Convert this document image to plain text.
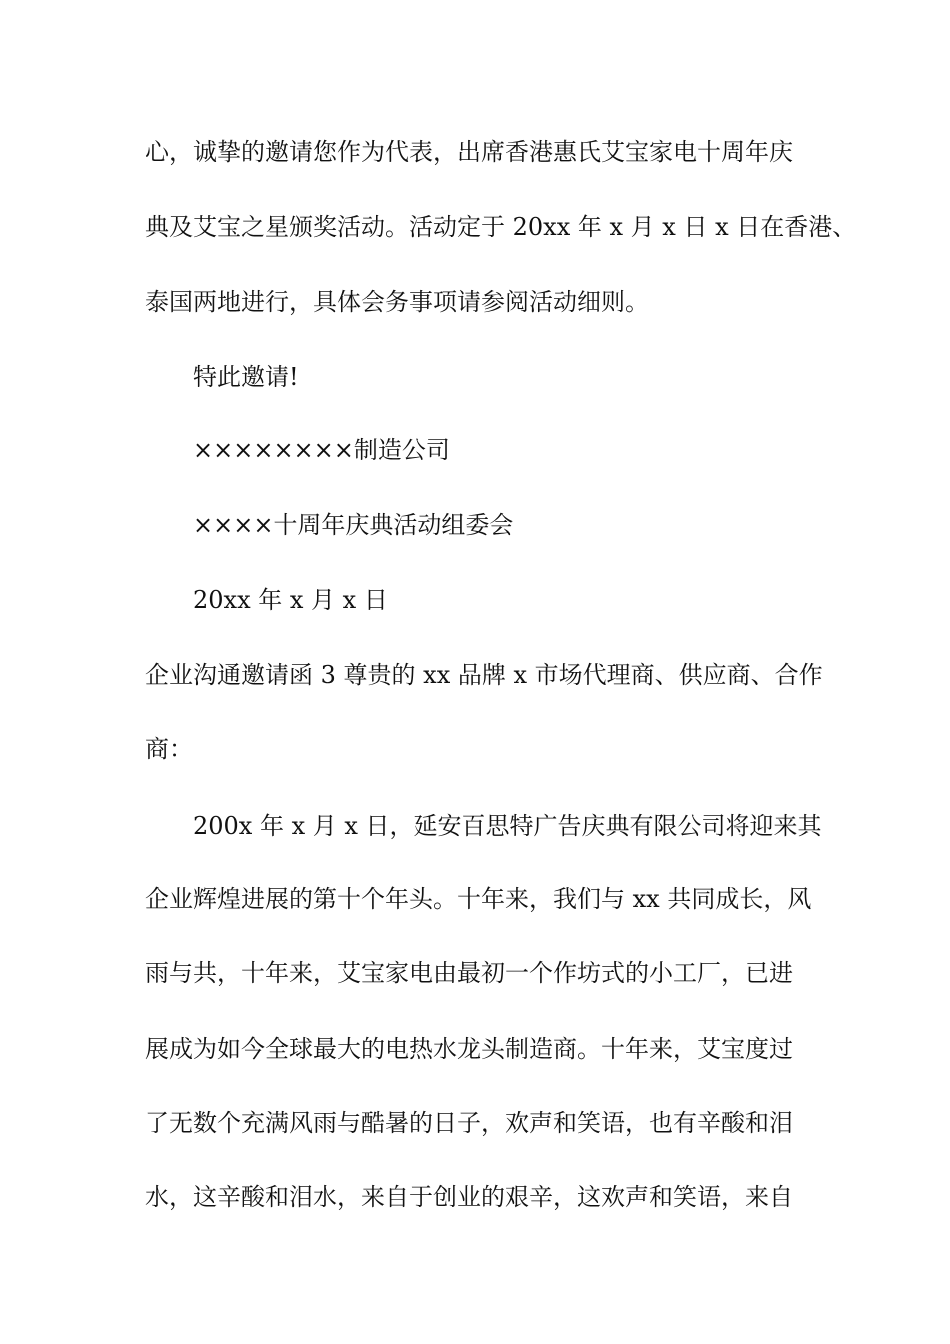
心，诚挚的邀请您作为代表，出席香港惠氏艾宝家电十周年庆
典及艾宝之星颁奖活动。活动定于 20xx 年 x 月 x 日 x 日在香港、
泰国两地进行，具体会务事项请参阅活动细则。
特此邀请!
××××××××制造公司
××××十周年庆典活动组委会
20xx 年 x 月 x 日
企业沟通邀请函 3 尊贵的 xx 品牌 x 市场代理商、供应商、合作
商：
200x 年 x 月 x 日，延安百思特广告庆典有限公司将迎来其
企业辉煌进展的第十个年头。十年来，我们与 xx 共同成长，风
雨与共，十年来，艾宝家电由最初一个作坊式的小工厂，已进
展成为如今全球最大的电热水龙头制造商。十年来，艾宝度过
了无数个充满风雨与酷暑的日子，欢声和笑语，也有辛酸和泪
水，这辛酸和泪水，来自于创业的艰辛，这欢声和笑语，来自
